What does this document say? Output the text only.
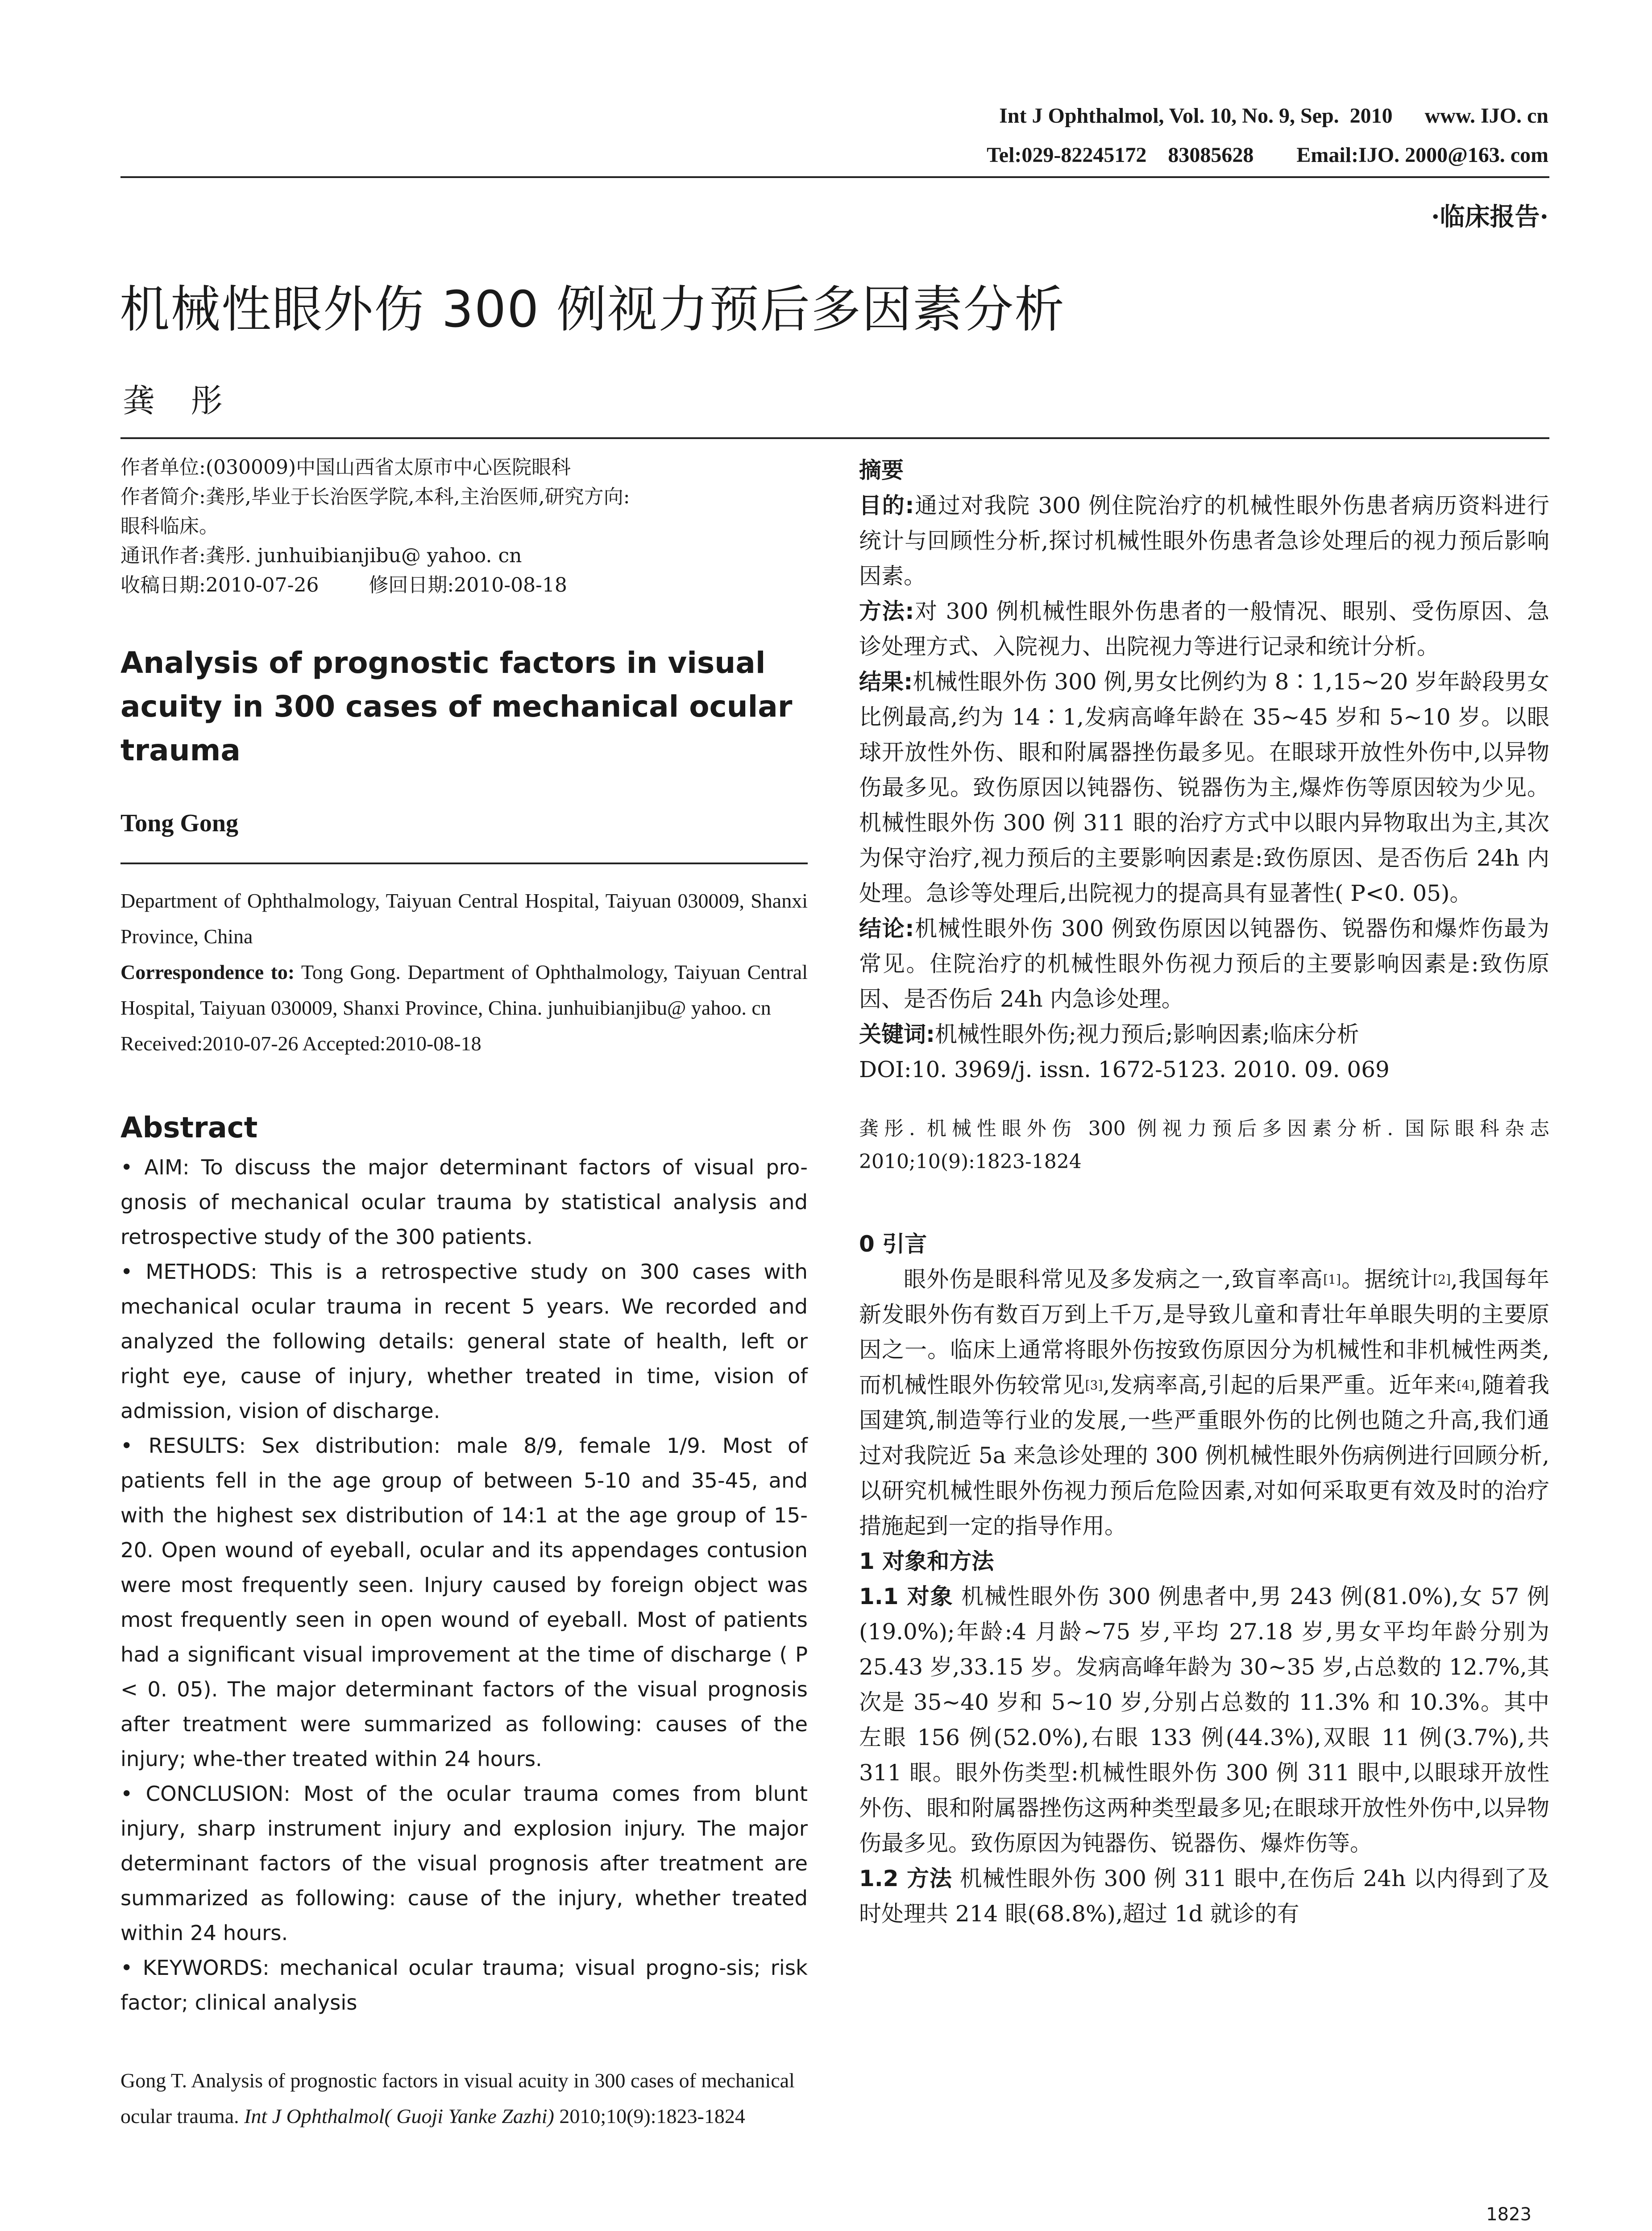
Int J Ophthalmol, Vol. 10, No. 9, Sep.  2010      www. IJO. cn
Tel:029-82245172    83085628        Email:IJO. 2000@163. com
·临床报告·
机械性眼外伤 300 例视力预后多因素分析
龚彤
作者单位:(030009)中国山西省太原市中心医院眼科
作者简介:龚彤,毕业于长治医学院,本科,主治医师,研究方向:
眼科临床。
通讯作者:龚彤. junhuibianjibu@ yahoo. cn
收稿日期:2010-07-26        修回日期:2010-08-18
Analysis of prognostic factors in visual acuity in 300 cases of mechanical ocular trauma
Tong Gong
Department of Ophthalmology, Taiyuan Central Hospital, Taiyuan 030009, Shanxi Province, China
Correspondence to: Tong Gong. Department of Ophthalmology, Taiyuan Central Hospital, Taiyuan 030009, Shanxi Province, China. junhuibianjibu@ yahoo. cn
Received:2010-07-26 Accepted:2010-08-18
Abstract

• AIM: To discuss the major determinant factors of visual pro-gnosis of mechanical ocular trauma by statistical analysis and retrospective study of the 300 patients.

• METHODS: This is a retrospective study on 300 cases with mechanical ocular trauma in recent 5 years. We recorded and analyzed the following details: general state of health, left or right eye, cause of injury, whether treated in time, vision of admission, vision of discharge.

• RESULTS: Sex distribution: male 8/9, female 1/9. Most of patients fell in the age group of between 5-10 and 35-45, and with the highest sex distribution of 14:1 at the age group of 15-20. Open wound of eyeball, ocular and its appendages contusion were most frequently seen. Injury caused by foreign object was most frequently seen in open wound of eyeball. Most of patients had a significant visual improvement at the time of discharge ( P < 0. 05). The major determinant factors of the visual prognosis after treatment were summarized as following: causes of the injury; whe-ther treated within 24 hours.

• CONCLUSION: Most of the ocular trauma comes from blunt injury, sharp instrument injury and explosion injury. The major determinant factors of the visual prognosis after treatment are summarized as following: cause of the injury, whether treated within 24 hours.

• KEYWORDS: mechanical ocular trauma; visual progno-sis; risk factor; clinical analysis

Gong T. Analysis of prognostic factors in visual acuity in 300 cases of mechanical ocular trauma. Int J Ophthalmol( Guoji Yanke Zazhi) 2010;10(9):1823-1824
摘要

目的:通过对我院 300 例住院治疗的机械性眼外伤患者病历资料进行统计与回顾性分析,探讨机械性眼外伤患者急诊处理后的视力预后影响因素。

方法:对 300 例机械性眼外伤患者的一般情况、眼别、受伤原因、急诊处理方式、入院视力、出院视力等进行记录和统计分析。

结果:机械性眼外伤 300 例,男女比例约为 8∶1,15~20 岁年龄段男女比例最高,约为 14∶1,发病高峰年龄在 35~45 岁和 5~10 岁。以眼球开放性外伤、眼和附属器挫伤最多见。在眼球开放性外伤中,以异物伤最多见。致伤原因以钝器伤、锐器伤为主,爆炸伤等原因较为少见。机械性眼外伤 300 例 311 眼的治疗方式中以眼内异物取出为主,其次为保守治疗,视力预后的主要影响因素是:致伤原因、是否伤后 24h 内处理。急诊等处理后,出院视力的提高具有显著性( P<0. 05)。

结论:机械性眼外伤 300 例致伤原因以钝器伤、锐器伤和爆炸伤最为常见。住院治疗的机械性眼外伤视力预后的主要影响因素是:致伤原因、是否伤后 24h 内急诊处理。

关键词:机械性眼外伤;视力预后;影响因素;临床分析

DOI:10. 3969/j. issn. 1672-5123. 2010. 09. 069

龚彤. 机械性眼外伤 300 例视力预后多因素分析. 国际眼科杂志 2010;10(9):1823-1824

0 引言

眼外伤是眼科常见及多发病之一,致盲率高[1]。据统计[2],我国每年新发眼外伤有数百万到上千万,是导致儿童和青壮年单眼失明的主要原因之一。临床上通常将眼外伤按致伤原因分为机械性和非机械性两类,而机械性眼外伤较常见[3],发病率高,引起的后果严重。近年来[4],随着我国建筑,制造等行业的发展,一些严重眼外伤的比例也随之升高,我们通过对我院近 5a 来急诊处理的 300 例机械性眼外伤病例进行回顾分析,以研究机械性眼外伤视力预后危险因素,对如何采取更有效及时的治疗措施起到一定的指导作用。

1 对象和方法

1.1 对象 机械性眼外伤 300 例患者中,男 243 例(81.0%),女 57 例(19.0%);年龄:4 月龄~75 岁,平均 27.18 岁,男女平均年龄分别为 25.43 岁,33.15 岁。发病高峰年龄为 30~35 岁,占总数的 12.7%,其次是 35~40 岁和 5~10 岁,分别占总数的 11.3% 和 10.3%。其中左眼 156 例(52.0%),右眼 133 例(44.3%),双眼 11 例(3.7%),共 311 眼。眼外伤类型:机械性眼外伤 300 例 311 眼中,以眼球开放性外伤、眼和附属器挫伤这两种类型最多见;在眼球开放性外伤中,以异物伤最多见。致伤原因为钝器伤、锐器伤、爆炸伤等。

1.2 方法 机械性眼外伤 300 例 311 眼中,在伤后 24h 以内得到了及时处理共 214 眼(68.8%),超过 1d 就诊的有

1823
